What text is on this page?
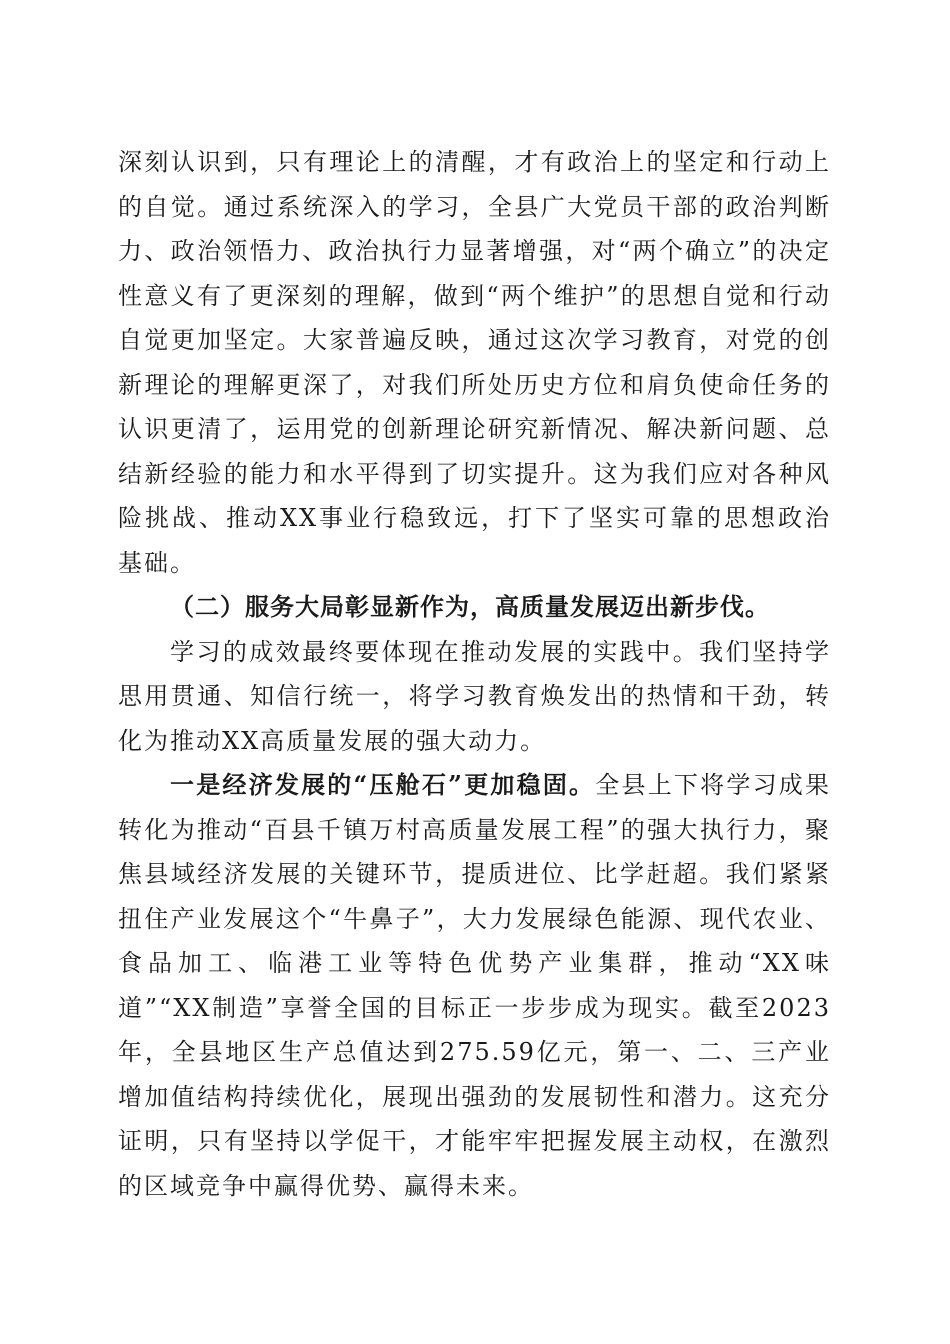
深刻认识到，只有理论上的清醒，才有政治上的坚定和行动上的自觉。通过系统深入的学习，全县广大党员干部的政治判断力、政治领悟力、政治执行力显著增强，对“两个确立”的决定性意义有了更深刻的理解，做到“两个维护”的思想自觉和行动自觉更加坚定。大家普遍反映，通过这次学习教育，对党的创新理论的理解更深了，对我们所处历史方位和肩负使命任务的认识更清了，运用党的创新理论研究新情况、解决新问题、总结新经验的能力和水平得到了切实提升。这为我们应对各种风险挑战、推动XX事业行稳致远，打下了坚实可靠的思想政治基础。

（二）服务大局彰显新作为，高质量发展迈出新步伐。

学习的成效最终要体现在推动发展的实践中。我们坚持学思用贯通、知信行统一，将学习教育焕发出的热情和干劲，转化为推动XX高质量发展的强大动力。

一是经济发展的“压舱石”更加稳固。全县上下将学习成果转化为推动“百县千镇万村高质量发展工程”的强大执行力，聚焦县域经济发展的关键环节，提质进位、比学赶超。我们紧紧扭住产业发展这个“牛鼻子”，大力发展绿色能源、现代农业、食品加工、临港工业等特色优势产业集群，推动“XX味道”“XX制造”享誉全国的目标正一步步成为现实。截至2023年，全县地区生产总值达到275.59亿元，第一、二、三产业增加值结构持续优化，展现出强劲的发展韧性和潜力。这充分证明，只有坚持以学促干，才能牢牢把握发展主动权，在激烈的区域竞争中赢得优势、赢得未来。
